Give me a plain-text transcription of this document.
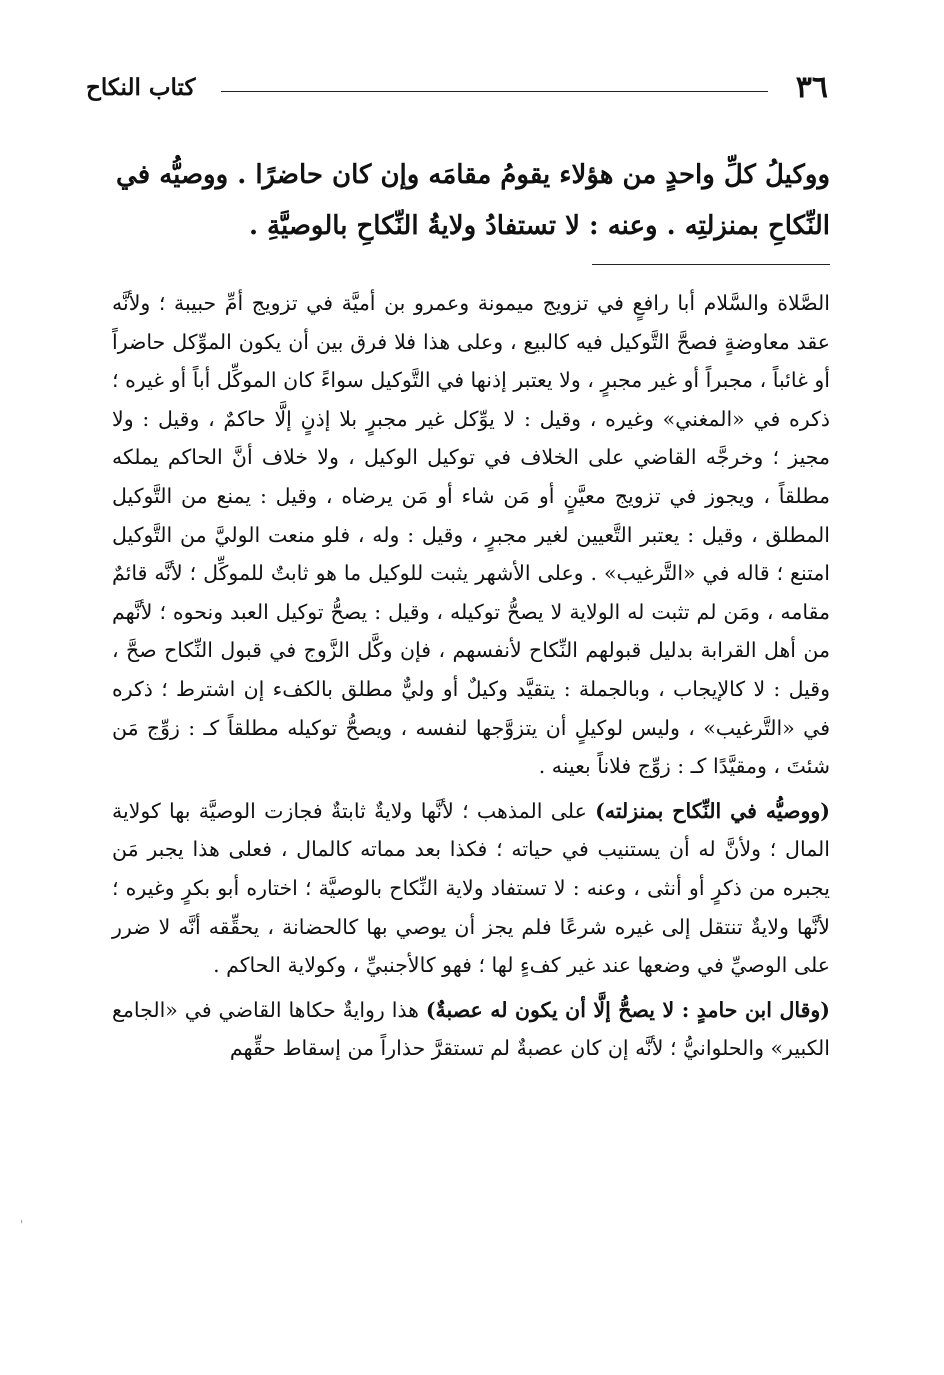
٣٦
كتاب النكاح

ووكيلُ كلِّ واحدٍ من هؤلاء يقومُ مقامَه وإن كان حاضرًا . ووصيُّه في

النِّكاحِ بمنزلتِه . وعنه : لا تستفادُ ولايةُ النِّكاحِ بالوصيَّةِ .

الصَّلاة والسَّلام أبا رافعٍ في تزويج ميمونة وعمرو بن أميَّة في تزويج أمِّ حبيبة ؛ ولأنَّه عقد معاوضةٍ فصحَّ التَّوكيل فيه كالبيع ، وعلى هذا فلا فرق بين أن يكون الموِّكل حاضراً أو غائباً ، مجبراً أو غير مجبرٍ ، ولا يعتبر إذنها في التَّوكيل سواءً كان الموكِّل أباً أو غيره ؛ ذكره في «المغني» وغيره ، وقيل : لا يوِّكل غير مجبرٍ بلا إذنٍ إلَّا حاكمٌ ، وقيل : ولا مجيز ؛ وخرجَّه القاضي على الخلاف في توكيل الوكيل ، ولا خلاف أنَّ الحاكم يملكه مطلقاً ، ويجوز في تزويج معيَّنٍ أو مَن شاء أو مَن يرضاه ، وقيل : يمنع من التَّوكيل المطلق ، وقيل : يعتبر التَّعيين لغير مجبرٍ ، وقيل : وله ، فلو منعت الوليَّ من التَّوكيل امتنع ؛ قاله في «التَّرغيب» . وعلى الأشهر يثبت للوكيل ما هو ثابتٌ للموكِّل ؛ لأنَّه قائمٌ مقامه ، ومَن لم تثبت له الولاية لا يصحُّ توكيله ، وقيل : يصحُّ توكيل العبد ونحوه ؛ لأنَّهم من أهل القرابة بدليل قبولهم النِّكاح لأنفسهم ، فإن وكَّل الزَّوج في قبول النِّكاح صحَّ ، وقيل : لا كالإيجاب ، وبالجملة : يتقيَّد وكيلٌ أو وليٌّ مطلق بالكفء إن اشترط ؛ ذكره في «التَّرغيب» ، وليس لوكيلٍ أن يتزوَّجها لنفسه ، ويصحُّ توكيله مطلقاً كـ : زوِّج مَن شئتَ ، ومقيَّدًا كـ : زوِّج فلاناً بعينه .

(ووصيُّه في النِّكاح بمنزلته) على المذهب ؛ لأنَّها ولايةٌ ثابتةٌ فجازت الوصيَّة بها كولاية المال ؛ ولأنَّ له أن يستنيب في حياته ؛ فكذا بعد مماته كالمال ، فعلى هذا يجبر مَن يجبره من ذكرٍ أو أنثى ، وعنه : لا تستفاد ولاية النِّكاح بالوصيَّة ؛ اختاره أبو بكرٍ وغيره ؛ لأنَّها ولايةٌ تنتقل إلى غيره شرعًا فلم يجز أن يوصي بها كالحضانة ، يحقِّقه أنَّه لا ضرر على الوصيِّ في وضعها عند غير كفءٍ لها ؛ فهو كالأجنبيِّ ، وكولاية الحاكم .

(وقال ابن حامدٍ : لا يصحُّ إلَّا أن يكون له عصبةٌ) هذا روايةٌ حكاها القاضي في «الجامع الكبير» والحلوانيُّ ؛ لأنَّه إن كان عصبةٌ لم تستقرَّ حذاراً من إسقاط حقِّهم

'
